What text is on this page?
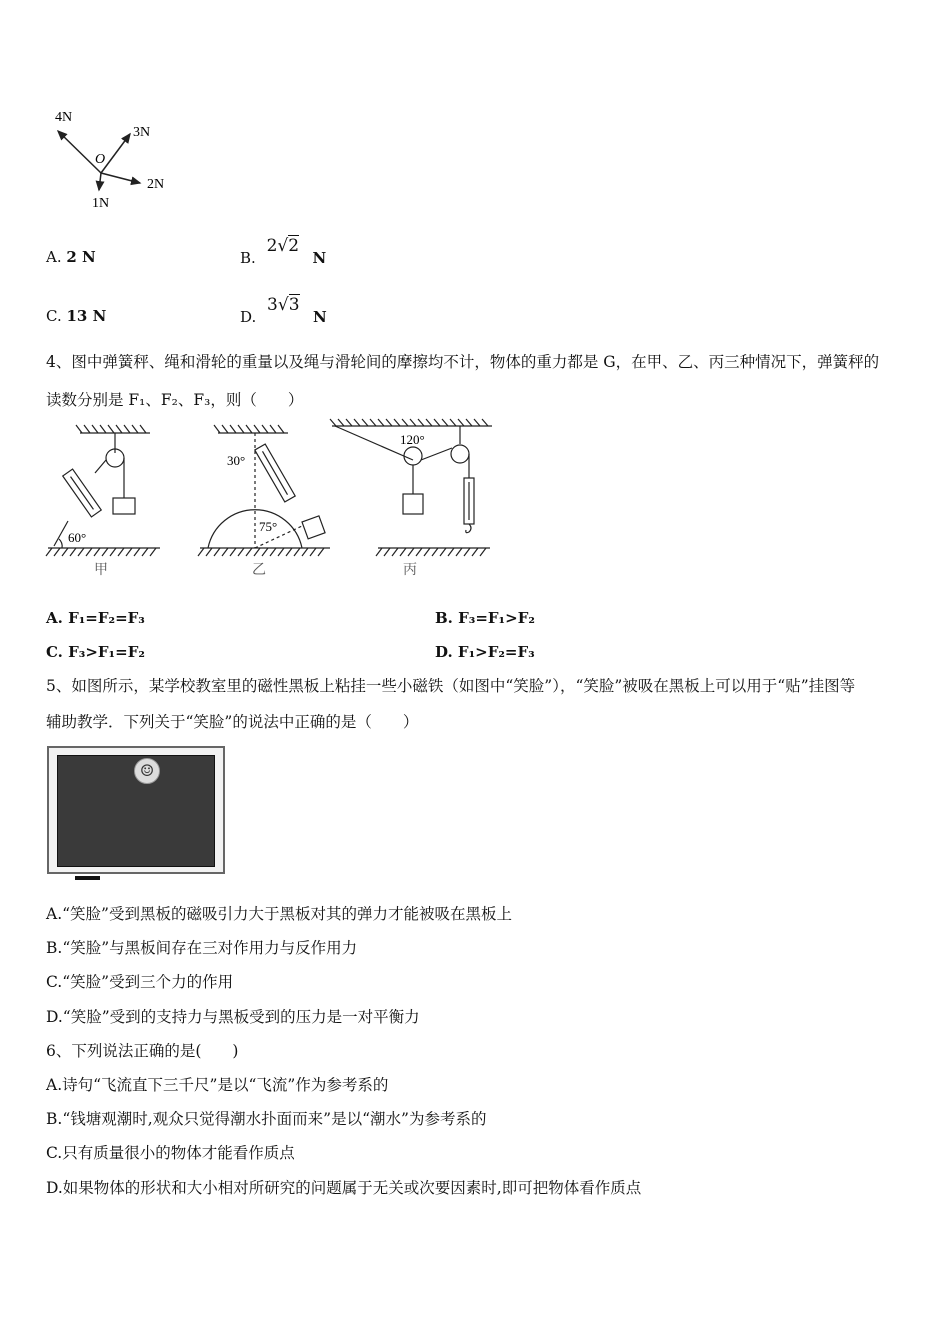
4N
3N
2N
1N
O
A. 2 N	B. 2√2 N
C. 13 N	D. 3√3 N
4、图中弹簧秤、绳和滑轮的重量以及绳与滑轮间的摩擦均不计，物体的重力都是 G，在甲、乙、丙三种情况下，弹簧秤的
读数分别是 F₁、F₂、F₃，则（　　）
60°
30°
75°
120°
甲	乙	丙
A. F₁=F₂=F₃	B. F₃=F₁>F₂
C. F₃>F₁=F₂	D. F₁>F₂=F₃
5、如图所示，某学校教室里的磁性黑板上粘挂一些小磁铁（如图中“笑脸”），“笑脸”被吸在黑板上可以用于“贴”挂图等
辅助教学．下列关于“笑脸”的说法中正确的是（　　）
☺
A.“笑脸”受到黑板的磁吸引力大于黑板对其的弹力才能被吸在黑板上
B.“笑脸”与黑板间存在三对作用力与反作用力
C.“笑脸”受到三个力的作用
D.“笑脸”受到的支持力与黑板受到的压力是一对平衡力
6、下列说法正确的是(　　)
A.诗句“飞流直下三千尺”是以“飞流”作为参考系的
B.“钱塘观潮时,观众只觉得潮水扑面而来”是以“潮水”为参考系的
C.只有质量很小的物体才能看作质点
D.如果物体的形状和大小相对所研究的问题属于无关或次要因素时,即可把物体看作质点
